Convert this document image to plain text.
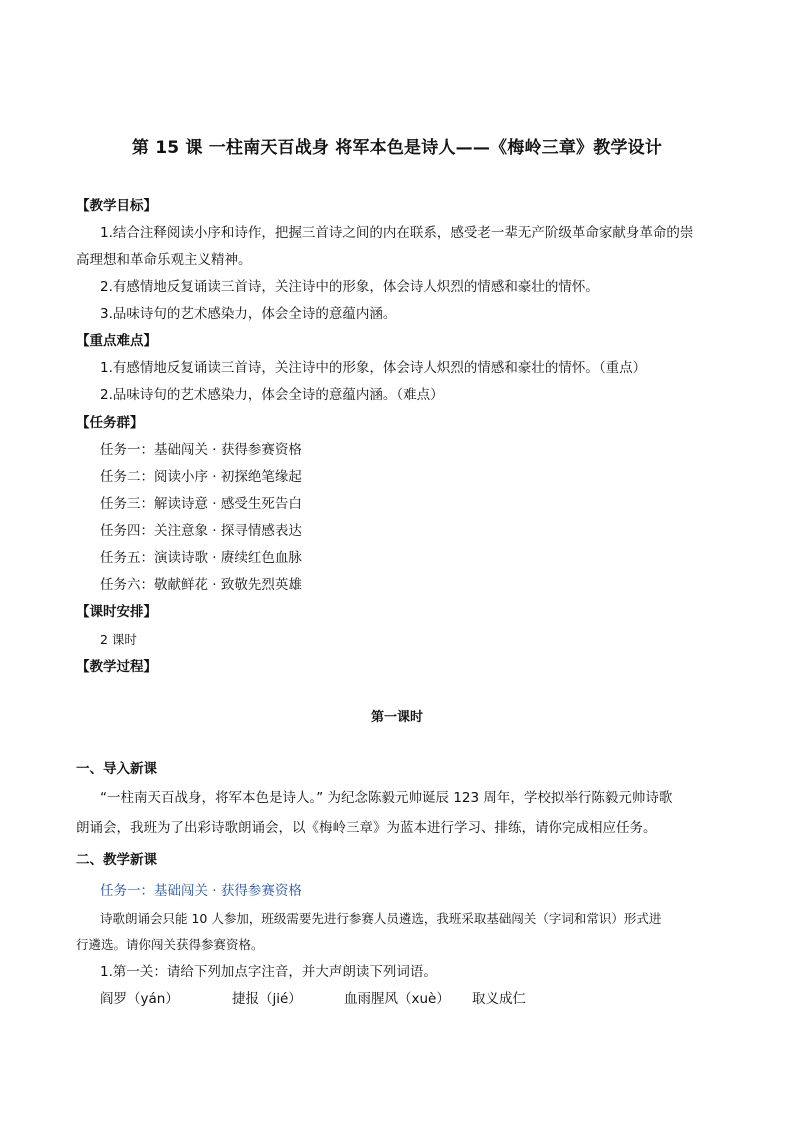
第 15 课 一柱南天百战身 将军本色是诗人——《梅岭三章》教学设计
【教学目标】
1.结合注释阅读小序和诗作，把握三首诗之间的内在联系，感受老一辈无产阶级革命家献身革命的崇
高理想和革命乐观主义精神。
2.有感情地反复诵读三首诗，关注诗中的形象，体会诗人炽烈的情感和豪壮的情怀。
3.品味诗句的艺术感染力，体会全诗的意蕴内涵。
【重点难点】
1.有感情地反复诵读三首诗，关注诗中的形象，体会诗人炽烈的情感和豪壮的情怀。（重点）
2.品味诗句的艺术感染力，体会全诗的意蕴内涵。（难点）
【任务群】
任务一：基础闯关 · 获得参赛资格
任务二：阅读小序 · 初探绝笔缘起
任务三：解读诗意 · 感受生死告白
任务四：关注意象 · 探寻情感表达
任务五：演读诗歌 · 赓续红色血脉
任务六：敬献鲜花 · 致敬先烈英雄
【课时安排】
2 课时
【教学过程】
第一课时
一、导入新课
“一柱南天百战身，将军本色是诗人。” 为纪念陈毅元帅诞辰 123 周年，学校拟举行陈毅元帅诗歌
朗诵会，我班为了出彩诗歌朗诵会，以《梅岭三章》为蓝本进行学习、排练，请你完成相应任务。
二、教学新课
任务一：基础闯关 · 获得参赛资格
诗歌朗诵会只能 10 人参加，班级需要先进行参赛人员遴选，我班采取基础闯关（字词和常识）形式进
行遴选。请你闯关获得参赛资格。
1.第一关：请给下列加点字注音，并大声朗读下列词语。
阎罗（yán）	捷报（jié）	血雨腥风（xuè） 取义成仁
